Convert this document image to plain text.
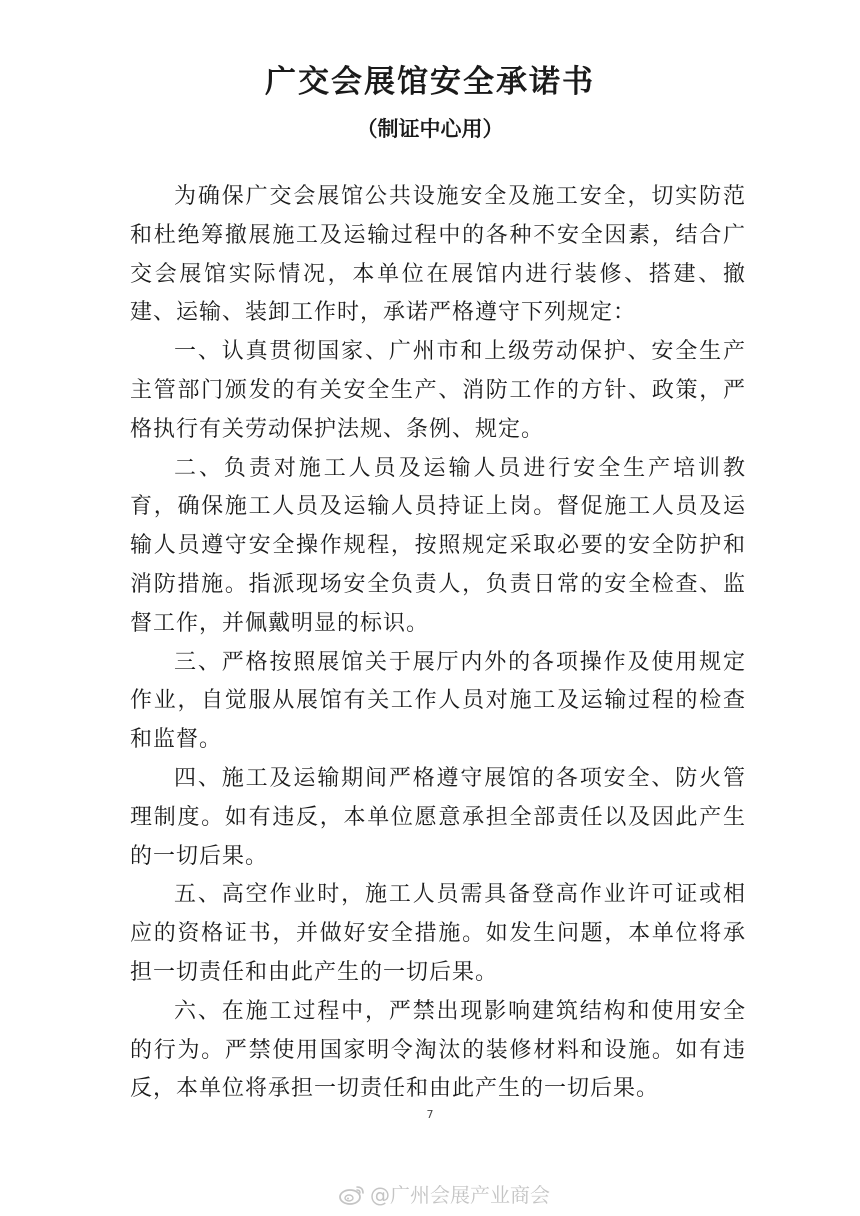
广交会展馆安全承诺书
（制证中心用）

为确保广交会展馆公共设施安全及施工安全，切实防范和杜绝筹撤展施工及运输过程中的各种不安全因素，结合广交会展馆实际情况，本单位在展馆内进行装修、搭建、撤建、运输、装卸工作时，承诺严格遵守下列规定：

一、认真贯彻国家、广州市和上级劳动保护、安全生产主管部门颁发的有关安全生产、消防工作的方针、政策，严格执行有关劳动保护法规、条例、规定。

二、负责对施工人员及运输人员进行安全生产培训教育，确保施工人员及运输人员持证上岗。督促施工人员及运输人员遵守安全操作规程，按照规定采取必要的安全防护和消防措施。指派现场安全负责人，负责日常的安全检查、监督工作，并佩戴明显的标识。

三、严格按照展馆关于展厅内外的各项操作及使用规定作业，自觉服从展馆有关工作人员对施工及运输过程的检查和监督。

四、施工及运输期间严格遵守展馆的各项安全、防火管理制度。如有违反，本单位愿意承担全部责任以及因此产生的一切后果。

五、高空作业时，施工人员需具备登高作业许可证或相应的资格证书，并做好安全措施。如发生问题，本单位将承担一切责任和由此产生的一切后果。

六、在施工过程中，严禁出现影响建筑结构和使用安全的行为。严禁使用国家明令淘汰的装修材料和设施。如有违反，本单位将承担一切责任和由此产生的一切后果。

7
@广州会展产业商会
